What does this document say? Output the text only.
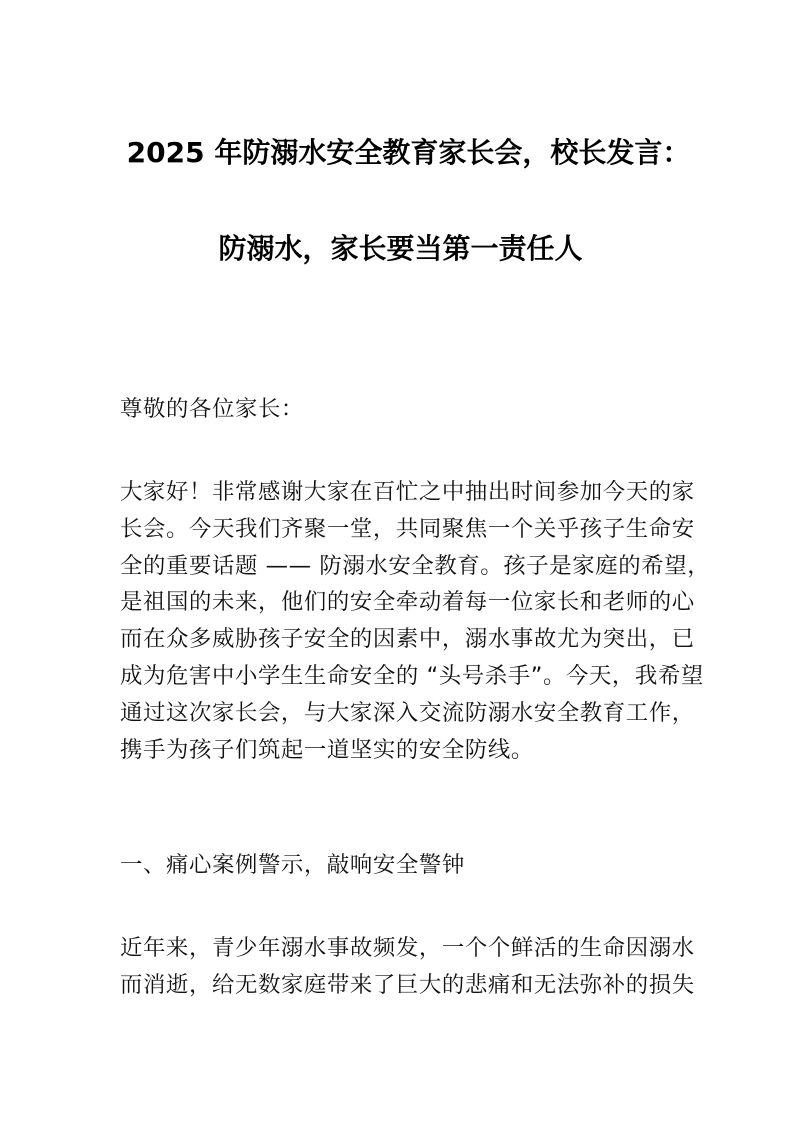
2025 年防溺水安全教育家长会，校长发言：
防溺水，家长要当第一责任人
尊敬的各位家长：
大家好！非常感谢大家在百忙之中抽出时间参加今天的家
长会。今天我们齐聚一堂，共同聚焦一个关乎孩子生命安
全的重要话题 —— 防溺水安全教育。孩子是家庭的希望，
是祖国的未来，他们的安全牵动着每一位家长和老师的心
而在众多威胁孩子安全的因素中，溺水事故尤为突出，已
成为危害中小学生生命安全的 “头号杀手”。今天，我希望
通过这次家长会，与大家深入交流防溺水安全教育工作，
携手为孩子们筑起一道坚实的安全防线。
一、痛心案例警示，敲响安全警钟
近年来，青少年溺水事故频发，一个个鲜活的生命因溺水
而消逝，给无数家庭带来了巨大的悲痛和无法弥补的损失
